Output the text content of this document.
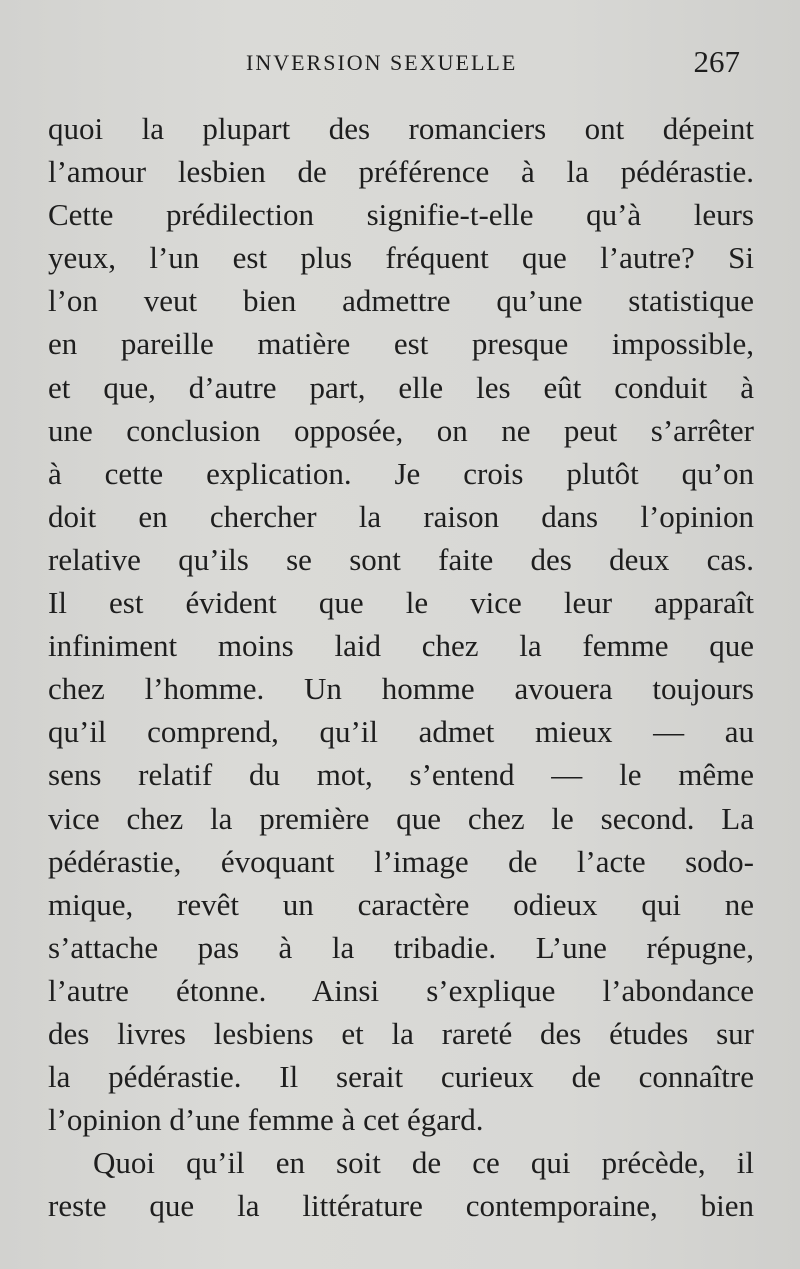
INVERSION SEXUELLE	267
quoi la plupart des romanciers ont dépeint
l’amour lesbien de préférence à la pédérastie.
Cette prédilection signifie-t-elle qu’à leurs
yeux, l’un est plus fréquent que l’autre? Si
l’on veut bien admettre qu’une statistique
en pareille matière est presque impossible,
et que, d’autre part, elle les eût conduit à
une conclusion opposée, on ne peut s’arrêter
à cette explication. Je crois plutôt qu’on
doit en chercher la raison dans l’opinion
relative qu’ils se sont faite des deux cas.
Il est évident que le vice leur apparaît
infiniment moins laid chez la femme que
chez l’homme. Un homme avouera toujours
qu’il comprend, qu’il admet mieux — au
sens relatif du mot, s’entend — le même
vice chez la première que chez le second. La
pédérastie, évoquant l’image de l’acte sodo-
mique, revêt un caractère odieux qui ne
s’attache pas à la tribadie. L’une répugne,
l’autre étonne. Ainsi s’explique l’abondance
des livres lesbiens et la rareté des études sur
la pédérastie. Il serait curieux de connaître
l’opinion d’une femme à cet égard.
Quoi qu’il en soit de ce qui précède, il
reste que la littérature contemporaine, bien
